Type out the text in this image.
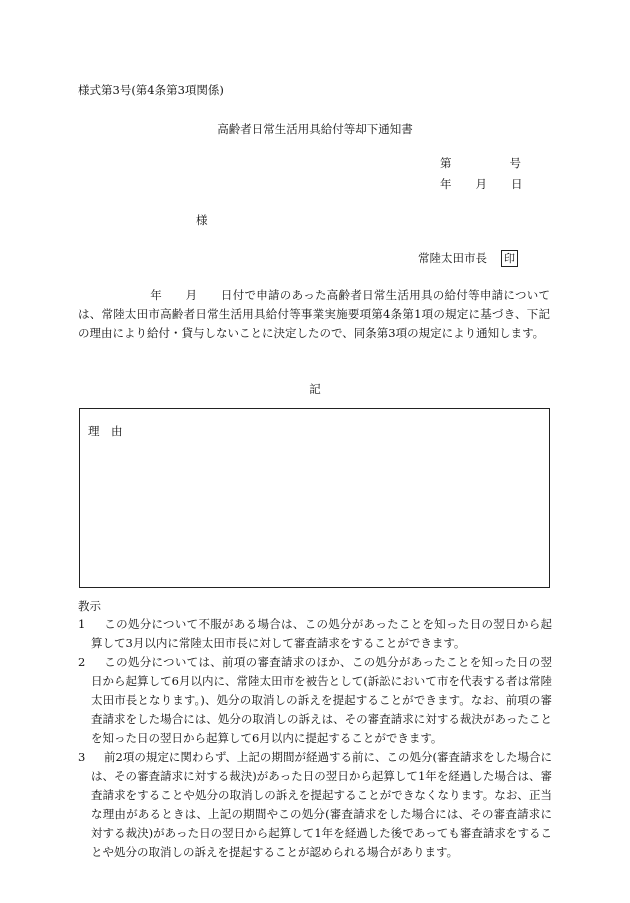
様式第3号(第4条第3項関係)
高齢者日常生活用具給付等却下通知書
第	号
年 月 日
様
常陸太田市長 印
年　　月　　日付で申請のあった高齢者日常生活用具の給付等申請については、常陸太田市高齢者日常生活用具給付等事業実施要項第4条第1項の規定に基づき、下記の理由により給付・貸与しないことに決定したので、同条第3項の規定により通知します。
記
理　由
教示
1 この処分について不服がある場合は、この処分があったことを知った日の翌日から起算して3月以内に常陸太田市長に対して審査請求をすることができます。
2 この処分については、前項の審査請求のほか、この処分があったことを知った日の翌日から起算して6月以内に、常陸太田市を被告として(訴訟において市を代表する者は常陸太田市長となります。)、処分の取消しの訴えを提起することができます。なお、前項の審査請求をした場合には、処分の取消しの訴えは、その審査請求に対する裁決があったことを知った日の翌日から起算して6月以内に提起することができます。
3 前2項の規定に関わらず、上記の期間が経過する前に、この処分(審査請求をした場合には、その審査請求に対する裁決)があった日の翌日から起算して1年を経過した場合は、審査請求をすることや処分の取消しの訴えを提起することができなくなります。なお、正当な理由があるときは、上記の期間やこの処分(審査請求をした場合には、その審査請求に対する裁決)があった日の翌日から起算して1年を経過した後であっても審査請求をすることや処分の取消しの訴えを提起することが認められる場合があります。
